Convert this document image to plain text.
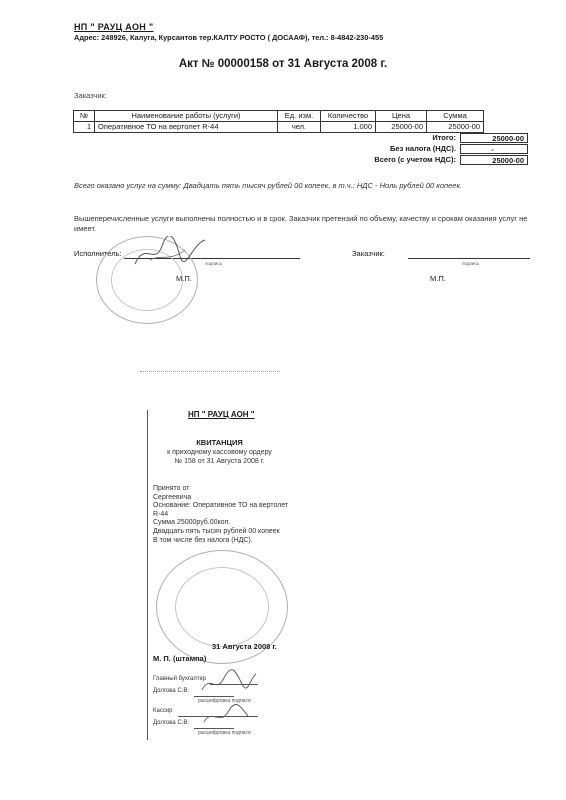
НП " РАУЦ АОН "
Адрес: 248926, Калуга, Курсантов тер.КАЛТУ РОСТО ( ДОСААФ), тел.: 8-4842-230-455
Акт № 00000158 от 31 Августа 2008 г.
Заказчик:
№	Наименование работы (услуги)	Ед. изм.	Количество	Цена	Сумма
1	Оперативное ТО на вертолет R-44	чел.	1.000	25000-00	25000-00
Итого:	25000-00
Без налога (НДС).	-
Всего (с учетом НДС):	25000-00
Всего оказано услуг на сумму: Двадцать пять тысяч рублей 00 копеек, в т.ч.: НДС - Ноль рублей 00 копеек.
Вышеперечисленные услуги выполнены полностью и в срок. Заказчик претензий по объему, качеству и срокам оказания услуг не имеет.
Исполнитель:
подпись
М.П.
Заказчик:
подпись
М.П.
НП " РАУЦ АОН "
КВИТАНЦИЯ
к приходному кассовому ордеру
№ 158 от 31 Августа 2008 г.
Принято от
Сергеевича
Основание: Оперативное ТО на вертолет R-44
Сумма 25000руб.00коп.
Двадцать пять тысяч рублей 00 копеек
В том числе без налога (НДС).
31 Августа 2008 г.
М. П. (штампа)
Главный бухгалтер
Долгова С.В.
расшифровка подписи
Кассир
Долгова С.В.
расшифровка подписи
